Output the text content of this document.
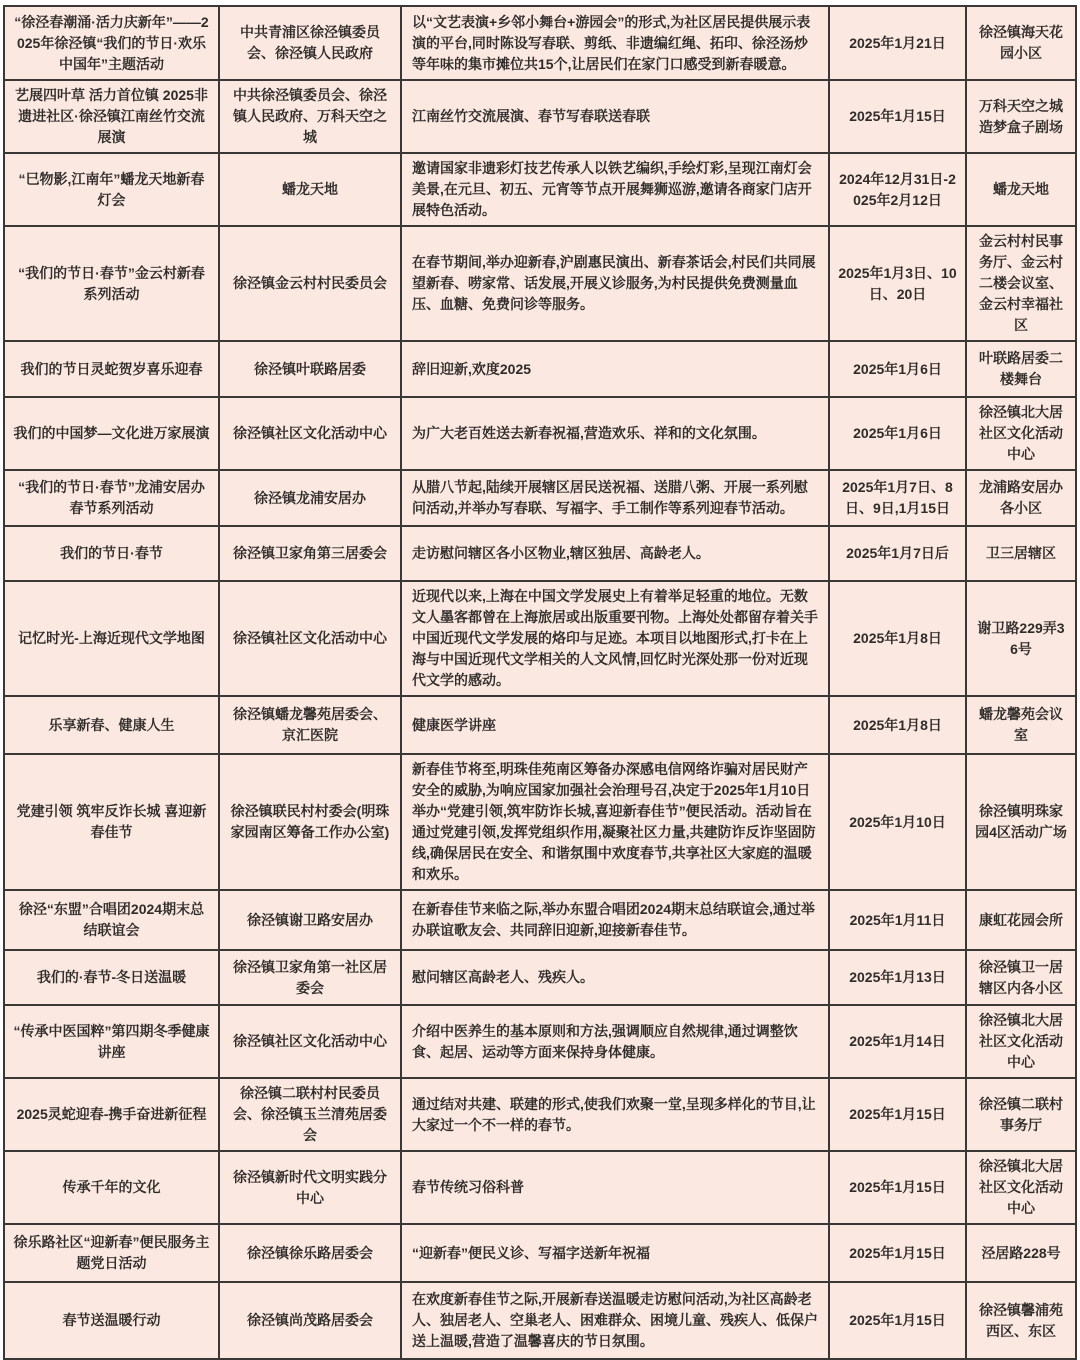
“徐泾春潮涌·活力庆新年”——2025年徐泾镇“我们的节日·欢乐中国年”主题活动	中共青浦区徐泾镇委员会、徐泾镇人民政府	以“文艺表演+乡邻小舞台+游园会”的形式,为社区居民提供展示表演的平台,同时陈设写春联、剪纸、非遗编红绳、拓印、徐泾汤炒等年味的集市摊位共15个,让居民们在家门口感受到新春暖意。	2025年1月21日	徐泾镇海天花园小区
艺展四叶草 活力首位镇 2025非遗进社区·徐泾镇江南丝竹交流展演	中共徐泾镇委员会、徐泾镇人民政府、万科天空之城	江南丝竹交流展演、春节写春联送春联	2025年1月15日	万科天空之城造梦盒子剧场
“巳物影,江南年”蟠龙天地新春灯会	蟠龙天地	邀请国家非遗彩灯技艺传承人以铁艺编织,手绘灯彩,呈现江南灯会美景,在元旦、初五、元宵等节点开展舞狮巡游,邀请各商家门店开展特色活动。	2024年12月31日-2025年2月12日	蟠龙天地
“我们的节日·春节”金云村新春系列活动	徐泾镇金云村村民委员会	在春节期间,举办迎新春,沪剧惠民演出、新春茶话会,村民们共同展望新春、唠家常、话发展,开展义诊服务,为村民提供免费测量血压、血糖、免费问诊等服务。	2025年1月3日、10日、20日	金云村村民事务厅、金云村二楼会议室、金云村幸福社区
我们的节日灵蛇贺岁喜乐迎春	徐泾镇叶联路居委	辞旧迎新,欢度2025	2025年1月6日	叶联路居委二楼舞台
我们的中国梦—文化进万家展演	徐泾镇社区文化活动中心	为广大老百姓送去新春祝福,营造欢乐、祥和的文化氛围。	2025年1月6日	徐泾镇北大居社区文化活动中心
“我们的节日·春节”龙浦安居办春节系列活动	徐泾镇龙浦安居办	从腊八节起,陆续开展辖区居民送祝福、送腊八粥、开展一系列慰问活动,并举办写春联、写福字、手工制作等系列迎春节活动。	2025年1月7日、8日、9日,1月15日	龙浦路安居办各小区
我们的节日·春节	徐泾镇卫家角第三居委会	走访慰问辖区各小区物业,辖区独居、高龄老人。	2025年1月7日后	卫三居辖区
记忆时光-上海近现代文学地图	徐泾镇社区文化活动中心	近现代以来,上海在中国文学发展史上有着举足轻重的地位。无数文人墨客都曾在上海旅居或出版重要刊物。上海处处都留存着关手中国近现代文学发展的烙印与足迹。本项目以地图形式,打卡在上海与中国近现代文学相关的人文风情,回忆时光深处那一份对近现代文学的感动。	2025年1月8日	谢卫路229弄36号
乐享新春、健康人生	徐泾镇蟠龙馨苑居委会、京汇医院	健康医学讲座	2025年1月8日	蟠龙馨苑会议室
党建引领 筑牢反诈长城 喜迎新春佳节	徐泾镇联民村村委会(明珠家园南区筹备工作办公室)	新春佳节将至,明珠佳苑南区筹备办深感电信网络诈骗对居民财产安全的威胁,为响应国家加强社会治理号召,决定于2025年1月10日举办“党建引领,筑牢防诈长城,喜迎新春佳节”便民活动。活动旨在通过党建引领,发挥党组织作用,凝聚社区力量,共建防诈反诈坚固防线,确保居民在安全、和谐氛围中欢度春节,共享社区大家庭的温暖和欢乐。	2025年1月10日	徐泾镇明珠家园4区活动广场
徐泾“东盟”合唱团2024期末总结联谊会	徐泾镇谢卫路安居办	在新春佳节来临之际,举办东盟合唱团2024期末总结联谊会,通过举办联谊歌友会、共同辞旧迎新,迎接新春佳节。	2025年1月11日	康虹花园会所
我们的·春节-冬日送温暖	徐泾镇卫家角第一社区居委会	慰问辖区高龄老人、残疾人。	2025年1月13日	徐泾镇卫一居辖区内各小区
“传承中医国粹”第四期冬季健康讲座	徐泾镇社区文化活动中心	介绍中医养生的基本原则和方法,强调顺应自然规律,通过调整饮食、起居、运动等方面来保持身体健康。	2025年1月14日	徐泾镇北大居社区文化活动中心
2025灵蛇迎春-携手奋进新征程	徐泾镇二联村村民委员会、徐泾镇玉兰清苑居委会	通过结对共建、联建的形式,使我们欢聚一堂,呈现多样化的节目,让大家过一个不一样的春节。	2025年1月15日	徐泾镇二联村事务厅
传承千年的文化	徐泾镇新时代文明实践分中心	春节传统习俗科普	2025年1月15日	徐泾镇北大居社区文化活动中心
徐乐路社区“迎新春”便民服务主题党日活动	徐泾镇徐乐路居委会	“迎新春”便民义诊、写福字送新年祝福	2025年1月15日	泾居路228号
春节送温暖行动	徐泾镇尚茂路居委会	在欢度新春佳节之际,开展新春送温暖走访慰问活动,为社区高龄老人、独居老人、空巢老人、困难群众、困境儿童、残疾人、低保户送上温暖,营造了温馨喜庆的节日氛围。	2025年1月15日	徐泾镇馨浦苑西区、东区
